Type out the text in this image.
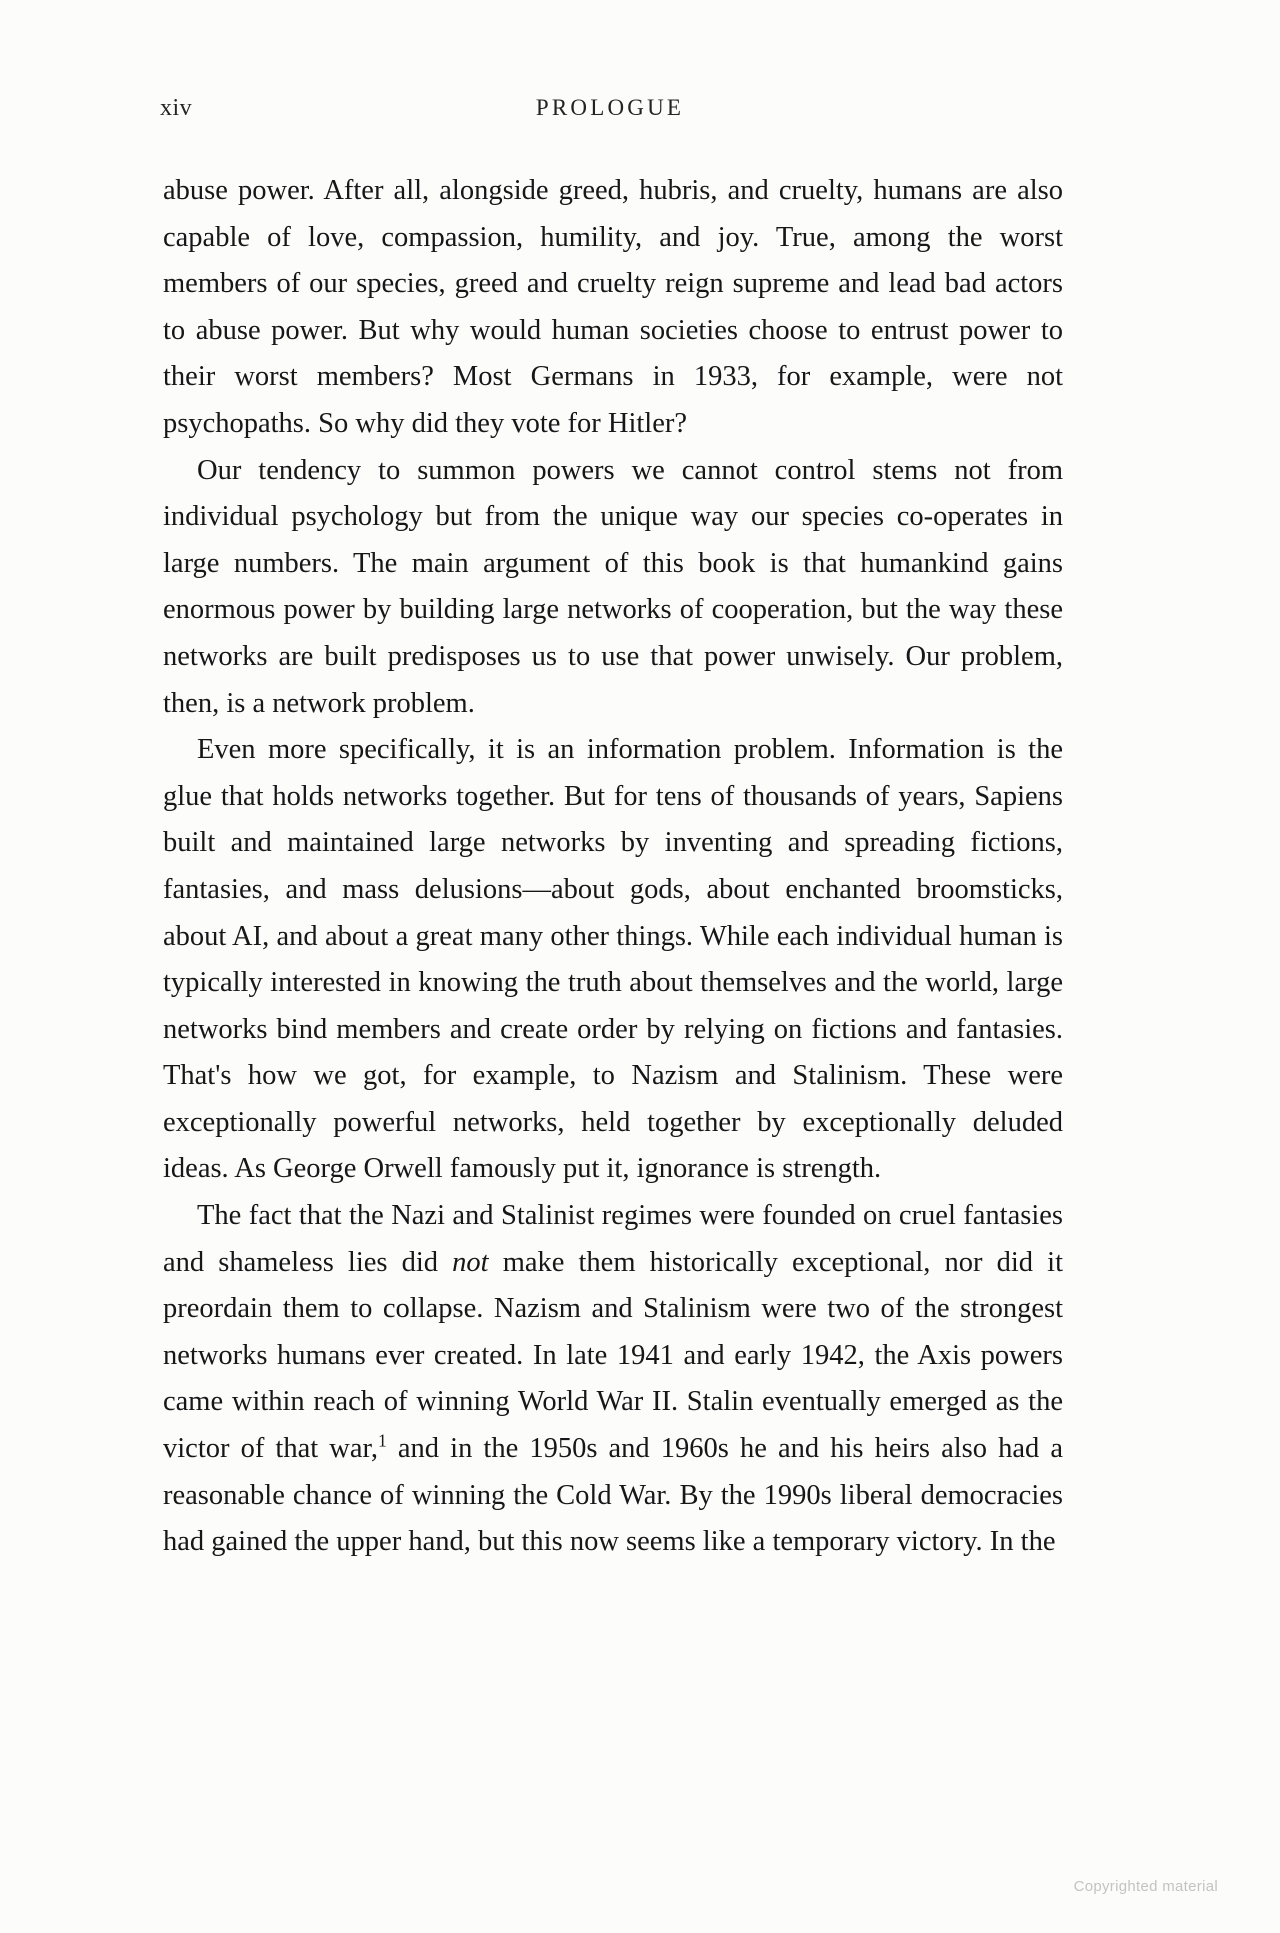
xiv	PROLOGUE

abuse power. After all, alongside greed, hubris, and cruelty, humans are also capable of love, compassion, humility, and joy. True, among the worst members of our species, greed and cruelty reign supreme and lead bad actors to abuse power. But why would human societies choose to entrust power to their worst members? Most Germans in 1933, for example, were not psychopaths. So why did they vote for Hitler?

Our tendency to summon powers we cannot control stems not from individual psychology but from the unique way our species co-operates in large numbers. The main argument of this book is that humankind gains enormous power by building large networks of cooperation, but the way these networks are built predisposes us to use that power unwisely. Our problem, then, is a network problem.

Even more specifically, it is an information problem. Information is the glue that holds networks together. But for tens of thousands of years, Sapiens built and maintained large networks by inventing and spreading fictions, fantasies, and mass delusions—about gods, about enchanted broomsticks, about AI, and about a great many other things. While each individual human is typically interested in knowing the truth about themselves and the world, large networks bind members and create order by relying on fictions and fantasies. That's how we got, for example, to Nazism and Stalinism. These were exceptionally powerful networks, held together by exceptionally deluded ideas. As George Orwell famously put it, ignorance is strength.

The fact that the Nazi and Stalinist regimes were founded on cruel fantasies and shameless lies did not make them historically exceptional, nor did it preordain them to collapse. Nazism and Stalinism were two of the strongest networks humans ever created. In late 1941 and early 1942, the Axis powers came within reach of winning World War II. Stalin eventually emerged as the victor of that war,$^1$ and in the 1950s and 1960s he and his heirs also had a reasonable chance of winning the Cold War. By the 1990s liberal democracies had gained the upper hand, but this now seems like a temporary victory. In the

Copyrighted material
